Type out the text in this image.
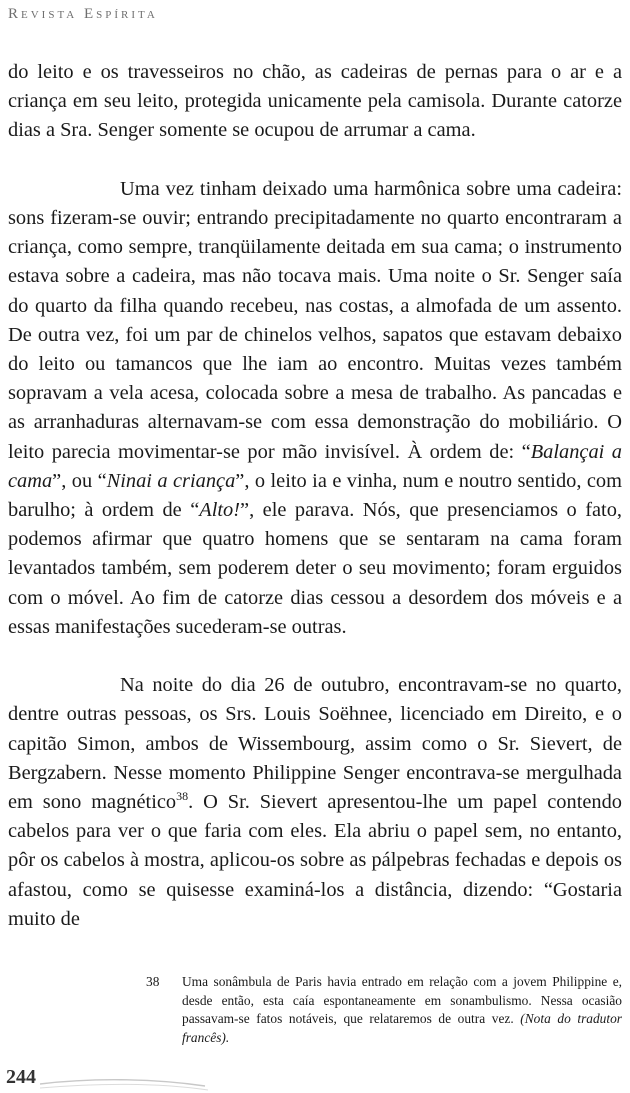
Revista Espírita

do leito e os travesseiros no chão, as cadeiras de pernas para o ar e a criança em seu leito, protegida unicamente pela camisola. Durante catorze dias a Sra. Senger somente se ocupou de arrumar a cama.

Uma vez tinham deixado uma harmônica sobre uma cadeira: sons fizeram-se ouvir; entrando precipitadamente no quarto encontraram a criança, como sempre, tranqüilamente deitada em sua cama; o instrumento estava sobre a cadeira, mas não tocava mais. Uma noite o Sr. Senger saía do quarto da filha quando recebeu, nas costas, a almofada de um assento. De outra vez, foi um par de chinelos velhos, sapatos que estavam debaixo do leito ou tamancos que lhe iam ao encontro. Muitas vezes também sopravam a vela acesa, colocada sobre a mesa de trabalho. As pancadas e as arranhaduras alternavam-se com essa demonstração do mobiliário. O leito parecia movimentar-se por mão invisível. À ordem de: “Balançai a cama”, ou “Ninai a criança”, o leito ia e vinha, num e noutro sentido, com barulho; à ordem de “Alto!”, ele parava. Nós, que presenciamos o fato, podemos afirmar que quatro homens que se sentaram na cama foram levantados também, sem poderem deter o seu movimento; foram erguidos com o móvel. Ao fim de catorze dias cessou a desordem dos móveis e a essas manifestações sucederam-se outras.

Na noite do dia 26 de outubro, encontravam-se no quarto, dentre outras pessoas, os Srs. Louis Soëhnee, licenciado em Direito, e o capitão Simon, ambos de Wissembourg, assim como o Sr. Sievert, de Bergzabern. Nesse momento Philippine Senger encontrava-se mergulhada em sono magnético$^{38}$. O Sr. Sievert apresentou-lhe um papel contendo cabelos para ver o que faria com eles. Ela abriu o papel sem, no entanto, pôr os cabelos à mostra, aplicou-os sobre as pálpebras fechadas e depois os afastou, como se quisesse examiná-los a distância, dizendo: “Gostaria muito de

38 Uma sonâmbula de Paris havia entrado em relação com a jovem Philippine e, desde então, esta caía espontaneamente em sonambulismo. Nessa ocasião passavam-se fatos notáveis, que relataremos de outra vez. (Nota do tradutor francês).
244
